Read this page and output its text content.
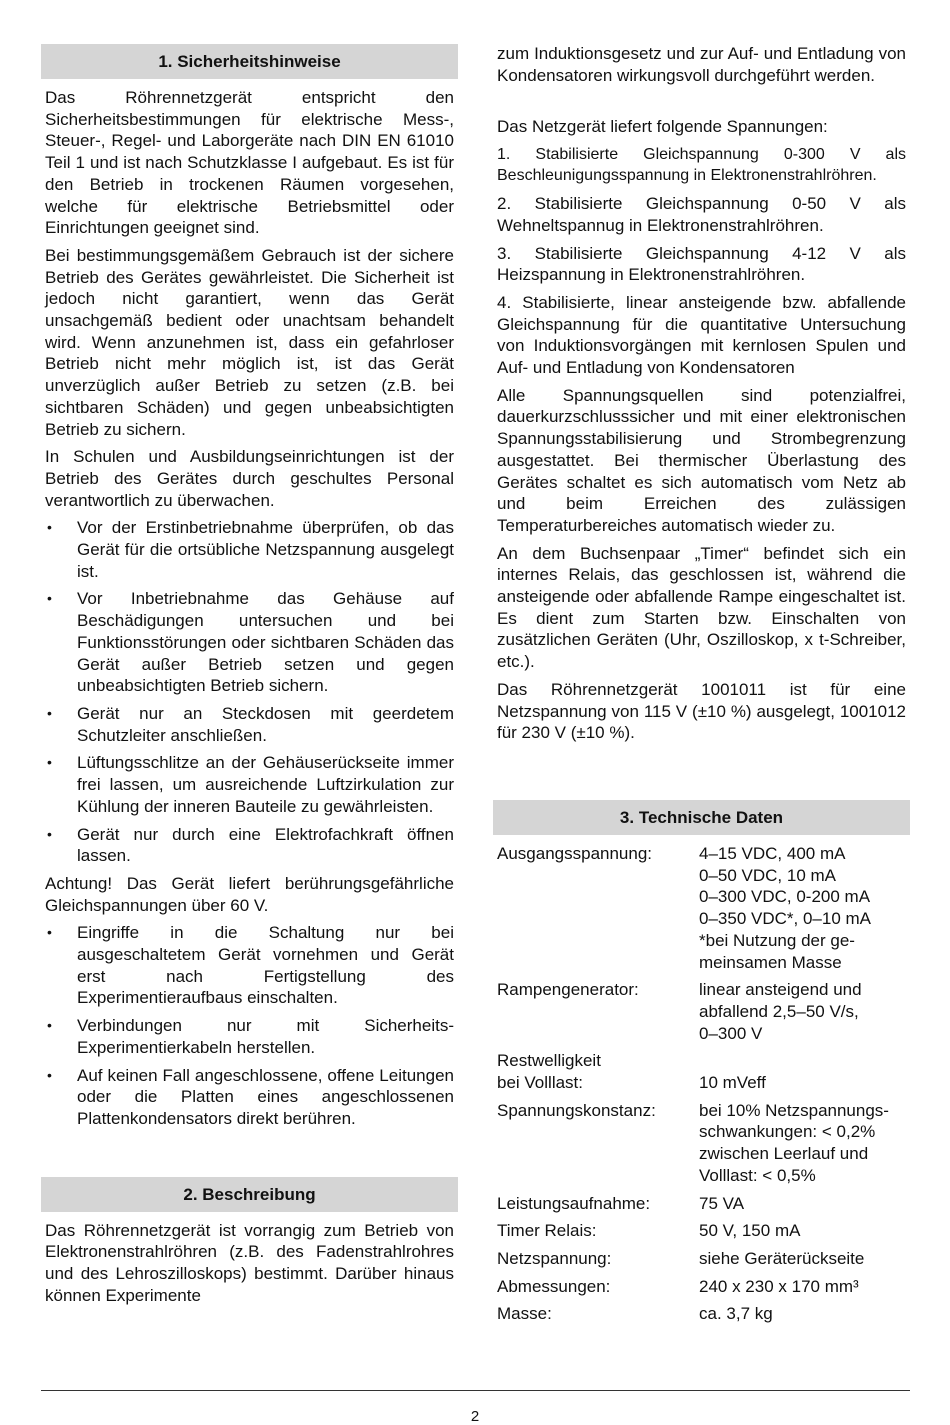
1. Sicherheitshinweise

Das Röhrennetzgerät entspricht den Sicherheitsbestimmungen für elektrische Mess-, Steuer-, Regel- und Laborgeräte nach DIN EN 61010 Teil 1 und ist nach Schutzklasse I aufgebaut. Es ist für den Betrieb in trockenen Räumen vorgesehen, welche für elektrische Betriebsmittel oder Einrichtungen geeignet sind.

Bei bestimmungsgemäßem Gebrauch ist der sichere Betrieb des Gerätes gewährleistet. Die Sicherheit ist jedoch nicht garantiert, wenn das Gerät unsachgemäß bedient oder unachtsam behandelt wird. Wenn anzunehmen ist, dass ein gefahrloser Betrieb nicht mehr möglich ist, ist das Gerät unverzüglich außer Betrieb zu setzen (z.B. bei sichtbaren Schäden) und gegen unbeabsichtigten Betrieb zu sichern.

In Schulen und Ausbildungseinrichtungen ist der Betrieb des Gerätes durch geschultes Personal verantwortlich zu überwachen.

• Vor der Erstinbetriebnahme überprüfen, ob das Gerät für die ortsübliche Netzspannung ausgelegt ist.
• Vor Inbetriebnahme das Gehäuse auf Beschädigungen untersuchen und bei Funktionsstörungen oder sichtbaren Schäden das Gerät außer Betrieb setzen und gegen unbeabsichtigten Betrieb sichern.
• Gerät nur an Steckdosen mit geerdetem Schutzleiter anschließen.
• Lüftungsschlitze an der Gehäuserückseite immer frei lassen, um ausreichende Luftzirkulation zur Kühlung der inneren Bauteile zu gewährleisten.
• Gerät nur durch eine Elektrofachkraft öffnen lassen.

Achtung! Das Gerät liefert berührungsgefährliche Gleichspannungen über 60 V.

• Eingriffe in die Schaltung nur bei ausgeschaltetem Gerät vornehmen und Gerät erst nach Fertigstellung des Experimentieraufbaus einschalten.
• Verbindungen nur mit Sicherheits-Experimentierkabeln herstellen.
• Auf keinen Fall angeschlossene, offene Leitungen oder die Platten eines angeschlossenen Plattenkondensators direkt berühren.
2. Beschreibung

Das Röhrennetzgerät ist vorrangig zum Betrieb von Elektronenstrahlröhren (z.B. des Fadenstrahlrohres und des Lehroszilloskops) bestimmt. Darüber hinaus können Experimente

Das Netzgerät liefert folgende Spannungen:

1. Stabilisierte Gleichspannung 0-300 V als Beschleunigungsspannung in Elektronenstrahlröhren.

2. Stabilisierte Gleichspannung 0-50 V als Wehneltspannug in Elektronenstrahlröhren.

3. Stabilisierte Gleichspannung 4-12 V als Heizspannung in Elektronenstrahlröhren.

4. Stabilisierte, linear ansteigende bzw. abfallende Gleichspannung für die quantitative Untersuchung von Induktionsvorgängen mit kernlosen Spulen und Auf- und Entladung von Kondensatoren

Alle Spannungsquellen sind potenzialfrei, dauerkurzschlusssicher und mit einer elektronischen Spannungsstabilisierung und Strombegrenzung ausgestattet. Bei thermischer Überlastung des Gerätes schaltet es sich automatisch vom Netz ab und beim Erreichen des zulässigen Temperaturbereiches automatisch wieder zu.

An dem Buchsenpaar „Timer“ befindet sich ein internes Relais, das geschlossen ist, während die ansteigende oder abfallende Rampe eingeschaltet ist. Es dient zum Starten bzw. Einschalten von zusätzlichen Geräten (Uhr, Oszilloskop, x t-Schreiber, etc.).

Das Röhrennetzgerät 1001011 ist für eine Netzspannung von 115 V (±10 %) ausgelegt, 1001012 für 230 V (±10 %).

3. Technische Daten
Ausgangsspannung:	4–15 VDC, 400 mA
0–50 VDC, 10 mA
0–300 VDC, 0-200 mA
0–350 VDC*, 0–10 mA
*bei Nutzung der ge-
meinsamen Masse
Rampengenerator:	linear ansteigend und
abfallend 2,5–50 V/s,
0–300 V
Restwelligkeit
bei Volllast:
	10 mVeff
Spannungskonstanz:	bei 10% Netzspannungs-
schwankungen: < 0,2%
zwischen Leerlauf und
Volllast: < 0,5%
Leistungsaufnahme:	75 VA
Timer Relais:	50 V, 150 mA
Netzspannung:	siehe Geräterückseite
Abmessungen:	240 x 230 x 170 mm³
Masse:	ca. 3,7 kg

zum Induktionsgesetz und zur Auf- und Entladung von Kondensatoren wirkungsvoll durchgeführt werden.

2
